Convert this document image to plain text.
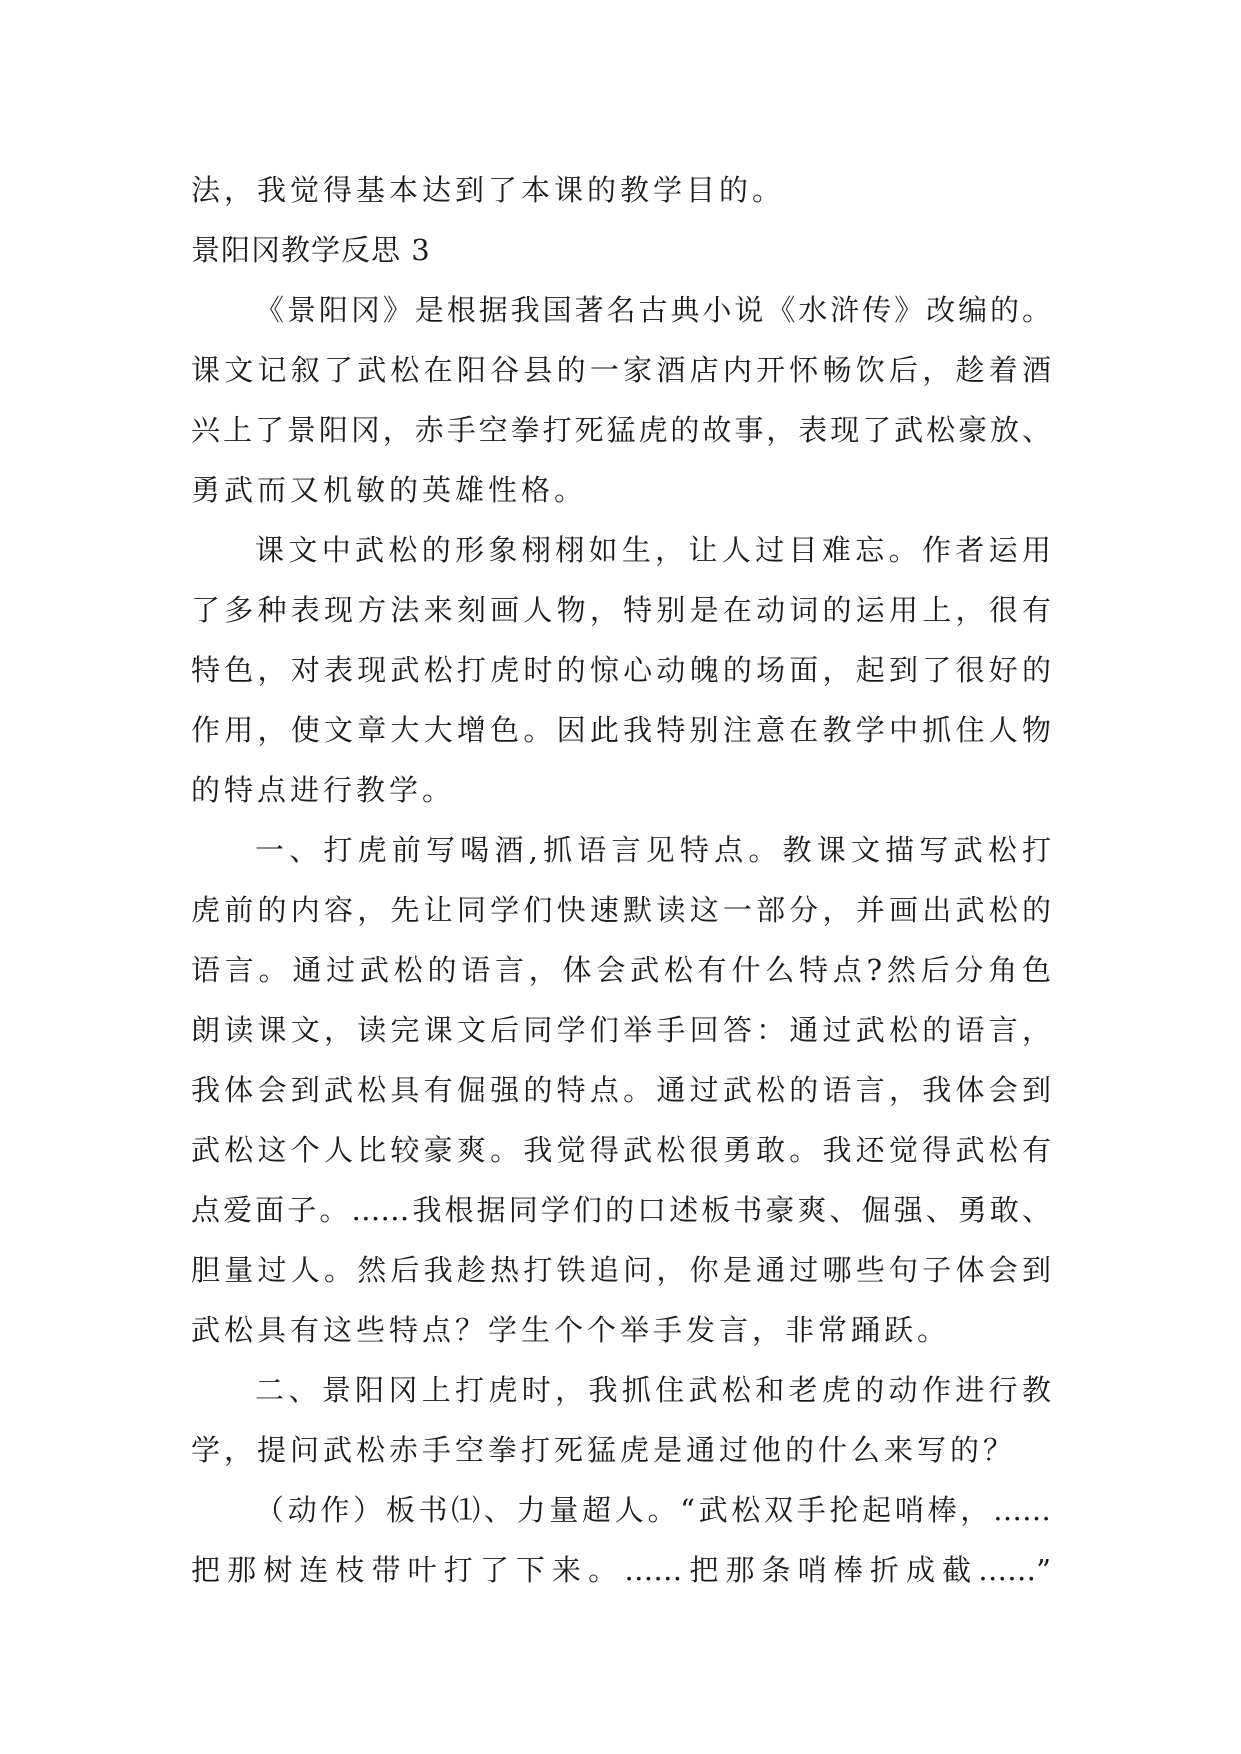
法，我觉得基本达到了本课的教学目的。
景阳冈教学反思 3
《景阳冈》是根据我国著名古典小说《水浒传》改编的。
课文记叙了武松在阳谷县的一家酒店内开怀畅饮后，趁着酒
兴上了景阳冈，赤手空拳打死猛虎的故事，表现了武松豪放、
勇武而又机敏的英雄性格。
课文中武松的形象栩栩如生，让人过目难忘。作者运用
了多种表现方法来刻画人物，特别是在动词的运用上，很有
特色，对表现武松打虎时的惊心动魄的场面，起到了很好的
作用，使文章大大增色。因此我特别注意在教学中抓住人物
的特点进行教学。
一、打虎前写喝酒,抓语言见特点。教课文描写武松打
虎前的内容，先让同学们快速默读这一部分，并画出武松的
语言。通过武松的语言，体会武松有什么特点?然后分角色
朗读课文，读完课文后同学们举手回答：通过武松的语言，
我体会到武松具有倔强的特点。通过武松的语言，我体会到
武松这个人比较豪爽。我觉得武松很勇敢。我还觉得武松有
点爱面子。……我根据同学们的口述板书豪爽、倔强、勇敢、
胆量过人。然后我趁热打铁追问，你是通过哪些句子体会到
武松具有这些特点？学生个个举手发言，非常踊跃。
二、景阳冈上打虎时，我抓住武松和老虎的动作进行教
学，提问武松赤手空拳打死猛虎是通过他的什么来写的？
（动作）板书⑴、力量超人。“武松双手抡起哨棒，……
把那树连枝带叶打了下来。……把那条哨棒折成截……”
